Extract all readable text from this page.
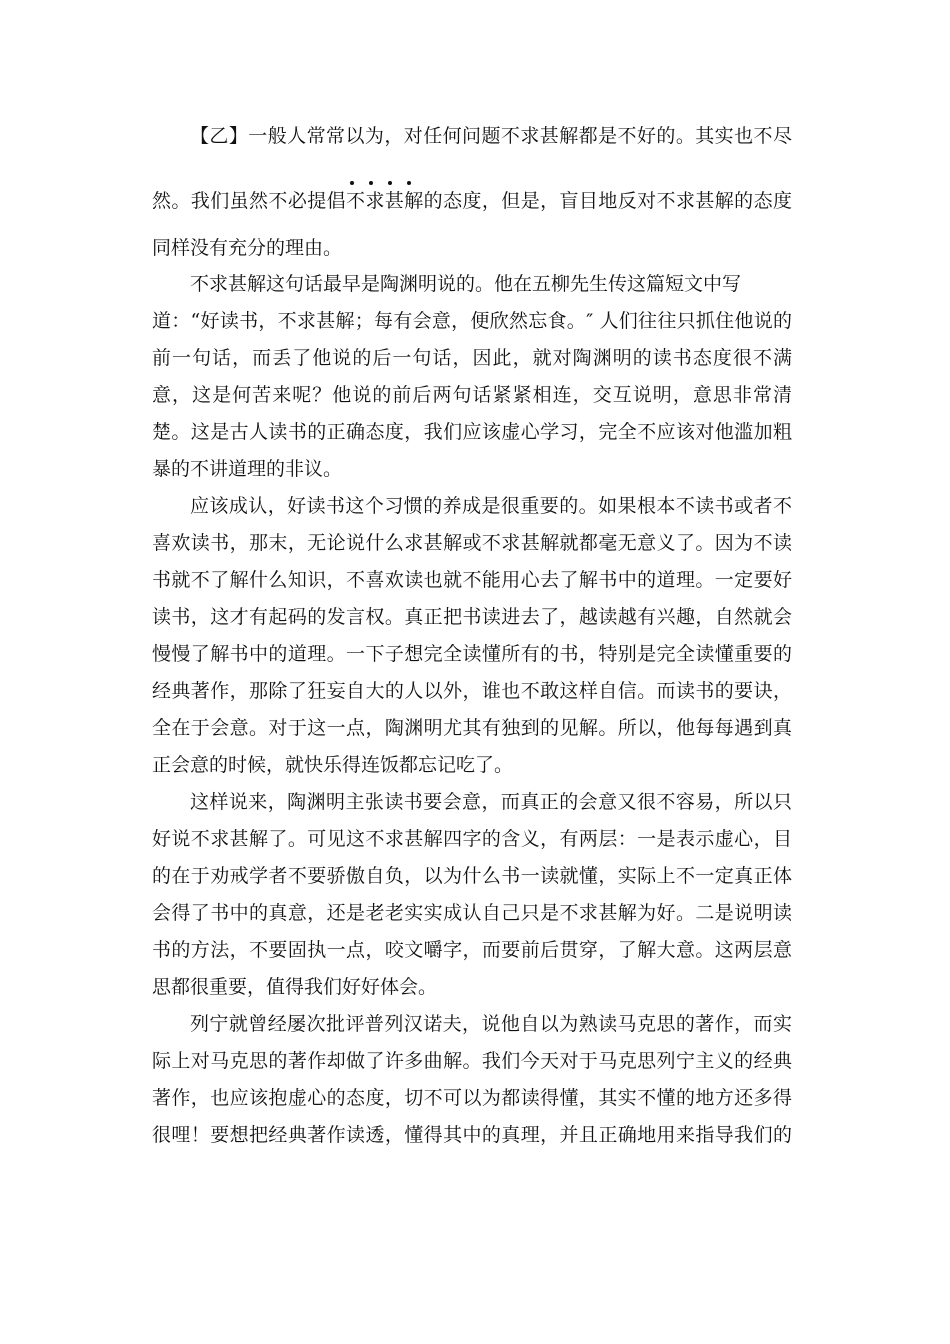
【乙】一般人常常以为，对任何问题不求甚解都是不好的。其实也不尽
然。我们虽然不必提倡不求甚解的态度，但是，盲目地反对不求甚解的态度
同样没有充分的理由。
不求甚解这句话最早是陶渊明说的。他在五柳先生传这篇短文中写
道：“好读书，不求甚解；每有会意，便欣然忘食。″ 人们往往只抓住他说的
前一句话，而丢了他说的后一句话，因此，就对陶渊明的读书态度很不满
意，这是何苦来呢？他说的前后两句话紧紧相连，交互说明，意思非常清
楚。这是古人读书的正确态度，我们应该虚心学习，完全不应该对他滥加粗
暴的不讲道理的非议。
应该成认，好读书这个习惯的养成是很重要的。如果根本不读书或者不
喜欢读书，那末，无论说什么求甚解或不求甚解就都毫无意义了。因为不读
书就不了解什么知识，不喜欢读也就不能用心去了解书中的道理。一定要好
读书，这才有起码的发言权。真正把书读进去了，越读越有兴趣，自然就会
慢慢了解书中的道理。一下子想完全读懂所有的书，特别是完全读懂重要的
经典著作，那除了狂妄自大的人以外，谁也不敢这样自信。而读书的要诀，
全在于会意。对于这一点，陶渊明尤其有独到的见解。所以，他每每遇到真
正会意的时候，就快乐得连饭都忘记吃了。
这样说来，陶渊明主张读书要会意，而真正的会意又很不容易，所以只
好说不求甚解了。可见这不求甚解四字的含义，有两层：一是表示虚心，目
的在于劝戒学者不要骄傲自负，以为什么书一读就懂，实际上不一定真正体
会得了书中的真意，还是老老实实成认自己只是不求甚解为好。二是说明读
书的方法，不要固执一点，咬文嚼字，而要前后贯穿，了解大意。这两层意
思都很重要，值得我们好好体会。
列宁就曾经屡次批评普列汉诺夫，说他自以为熟读马克思的著作，而实
际上对马克思的著作却做了许多曲解。我们今天对于马克思列宁主义的经典
著作，也应该抱虚心的态度，切不可以为都读得懂，其实不懂的地方还多得
很哩！要想把经典著作读透，懂得其中的真理，并且正确地用来指导我们的
